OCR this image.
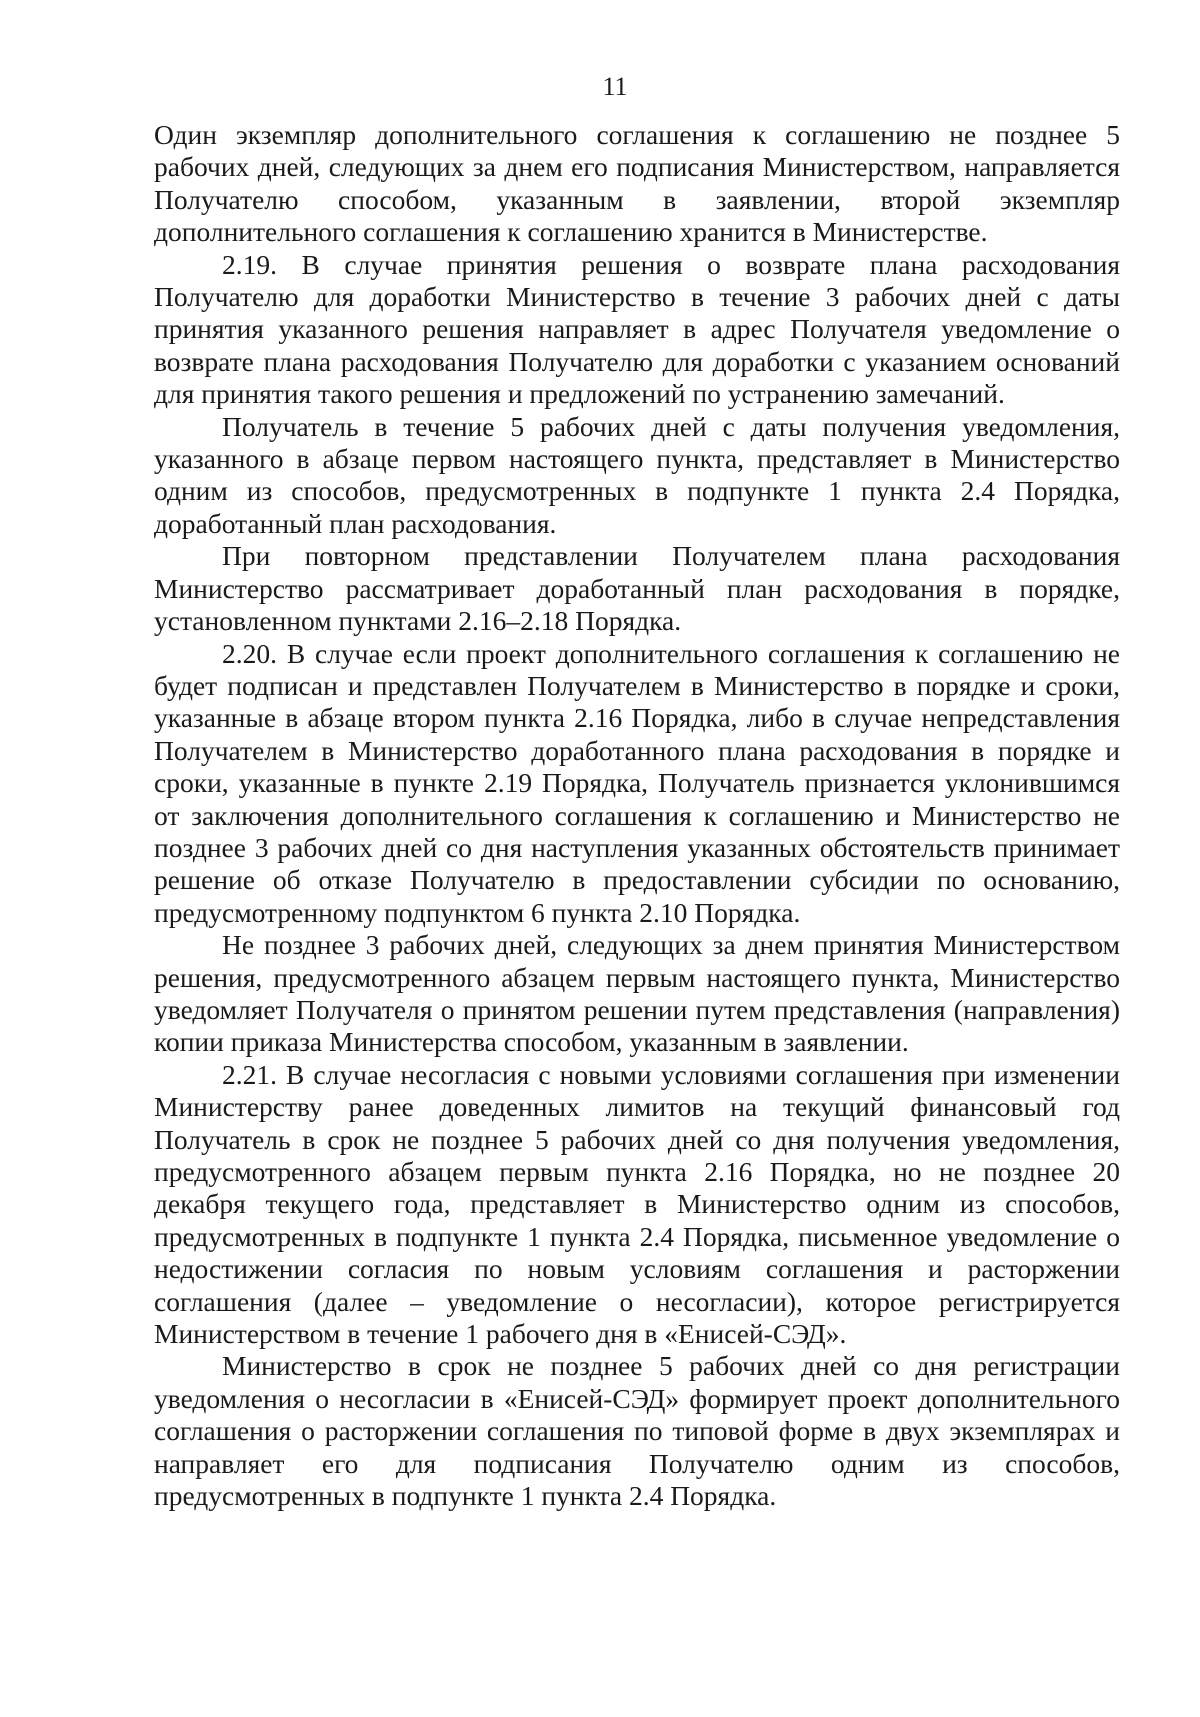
11

Один экземпляр дополнительного соглашения к соглашению не позднее 5 рабочих дней, следующих за днем его подписания Министерством, направляется Получателю способом, указанным в заявлении, второй экземпляр дополнительного соглашения к соглашению хранится в Министерстве.

2.19. В случае принятия решения о возврате плана расходования Получателю для доработки Министерство в течение 3 рабочих дней с даты принятия указанного решения направляет в адрес Получателя уведомление о возврате плана расходования Получателю для доработки с указанием оснований для принятия такого решения и предложений по устранению замечаний.

Получатель в течение 5 рабочих дней с даты получения уведомления, указанного в абзаце первом настоящего пункта, представляет в Министерство одним из способов, предусмотренных в подпункте 1 пункта 2.4 Порядка, доработанный план расходования.

При повторном представлении Получателем плана расходования Министерство рассматривает доработанный план расходования в порядке, установленном пунктами 2.16–2.18 Порядка.

2.20. В случае если проект дополнительного соглашения к соглашению не будет подписан и представлен Получателем в Министерство в порядке и сроки, указанные в абзаце втором пункта 2.16 Порядка, либо в случае непредставления Получателем в Министерство доработанного плана расходования в порядке и сроки, указанные в пункте 2.19 Порядка, Получатель признается уклонившимся от заключения дополнительного соглашения к соглашению и Министерство не позднее 3 рабочих дней со дня наступления указанных обстоятельств принимает решение об отказе Получателю в предоставлении субсидии по основанию, предусмотренному подпунктом 6 пункта 2.10 Порядка.

Не позднее 3 рабочих дней, следующих за днем принятия Министерством решения, предусмотренного абзацем первым настоящего пункта, Министерство уведомляет Получателя о принятом решении путем представления (направления) копии приказа Министерства способом, указанным в заявлении.

2.21. В случае несогласия с новыми условиями соглашения при изменении Министерству ранее доведенных лимитов на текущий финансовый год Получатель в срок не позднее 5 рабочих дней со дня получения уведомления, предусмотренного абзацем первым пункта 2.16 Порядка, но не позднее 20 декабря текущего года, представляет в Министерство одним из способов, предусмотренных в подпункте 1 пункта 2.4 Порядка, письменное уведомление о недостижении согласия по новым условиям соглашения и расторжении соглашения (далее – уведомление о несогласии), которое регистрируется Министерством в течение 1 рабочего дня в «Енисей-СЭД».

Министерство в срок не позднее 5 рабочих дней со дня регистрации уведомления о несогласии в «Енисей-СЭД» формирует проект дополнительного соглашения о расторжении соглашения по типовой форме в двух экземплярах и направляет его для подписания Получателю одним из способов, предусмотренных в подпункте 1 пункта 2.4 Порядка.
